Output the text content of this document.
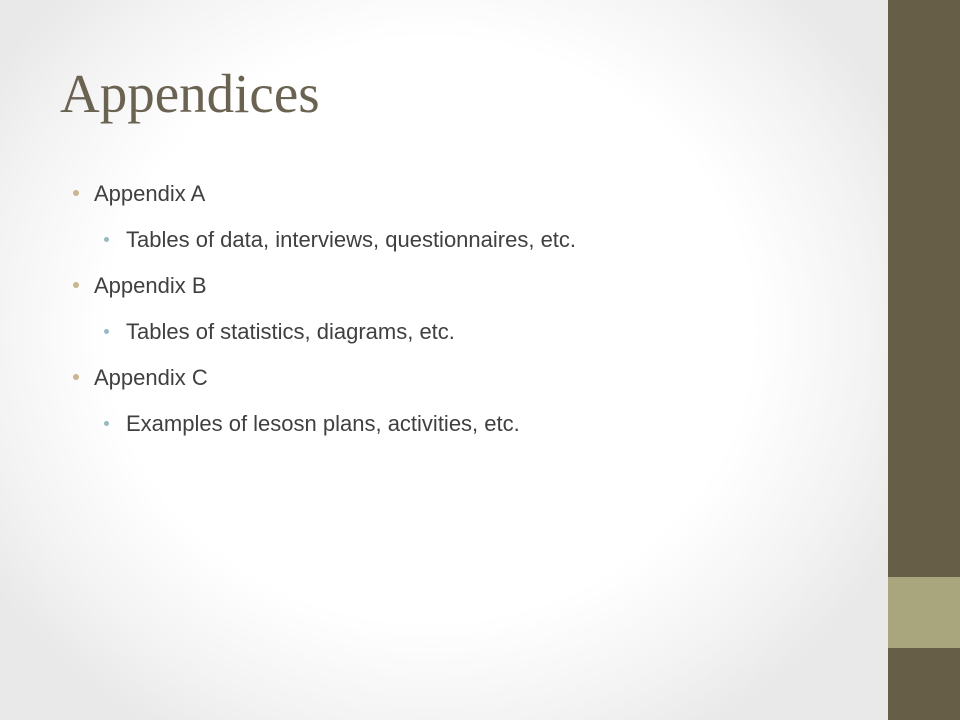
Appendices
Appendix A
Tables of data, interviews, questionnaires, etc.
Appendix B
Tables of statistics, diagrams, etc.
Appendix C
Examples of lesosn plans, activities, etc.
